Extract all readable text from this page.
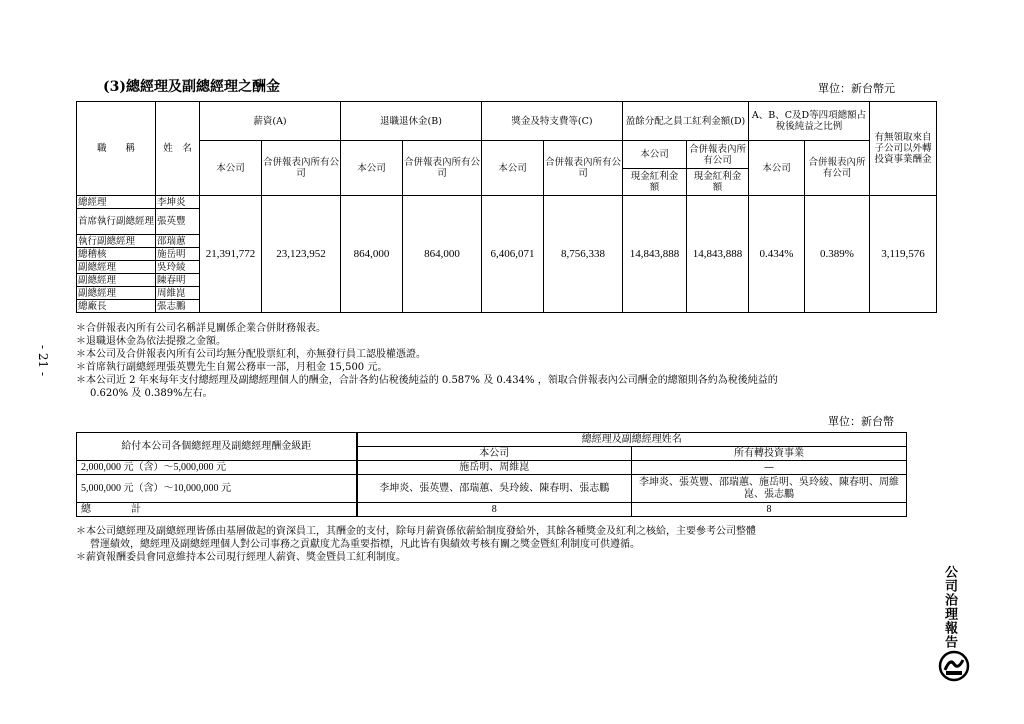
(3)總經理及副總經理之酬金	單位：新台幣元
職　　稱	姓　名	薪資(A)		退職退休金(B)		獎金及特支費等(C)		盈餘分配之員工紅利金額(D)		A、B、C及D等四項總額占稅後純益之比例		有無領取來自子公司以外轉投資事業酬金
		本公司	合併報表內所有公司	本公司	合併報表內所有公司	本公司	合併報表內所有公司	本公司	合併報表內所有公司	本公司	合併報表內所有公司	
								現金紅利金　　額	現金紅利金　　額			
總經理	李坤炎	21,391,772	23,123,952	864,000	864,000	6,406,071	8,756,338	14,843,888	14,843,888	0.434%	0.389%	3,119,576
首席執行副總經理	張英豐											
執行副總經理	邵瑞蕙											
總稽核	施岳明											
副總經理	吳玲綾											
副總經理	陳春明											
副總經理	周維崑											
總廠長	張志鵬											
＊合併報表內所有公司名稱詳見關係企業合併財務報表。
＊退職退休金為依法提撥之金額。
＊本公司及合併報表內所有公司均無分配股票紅利，亦無發行員工認股權憑證。
＊首席執行副總經理張英豐先生自駕公務車一部，月租金 15,500 元。
＊本公司近 2 年來每年支付總經理及副總經理個人的酬金，合計各約佔稅後純益的 0.587% 及 0.434% ，領取合併報表內公司酬金的總額則各約為稅後純益的
0.620% 及 0.389%左右。
單位：新台幣
給付本公司各個總經理及副總經理酬金級距	總經理及副總經理姓名	
	本公司	所有轉投資事業
2,000,000 元（含）～5,000,000 元	施岳明、周維崑	—
5,000,000 元（含）～10,000,000 元	李坤炎、張英豐、邵瑞蕙、吳玲綾、陳春明、張志鵬	李坤炎、張英豐、邵瑞蕙、施岳明、吳玲綾、陳春明、周維崑、張志鵬
總　　　　計	8	8
＊本公司總經理及副總經理皆係由基層做起的資深員工，其酬金的支付，除每月薪資係依薪給制度發給外，其餘各種獎金及紅利之核給，主要參考公司整體
營運績效，總經理及副總經理個人對公司事務之貢獻度尤為重要指標，凡此皆有與績效考核有關之獎金暨紅利制度可供遵循。
＊薪資報酬委員會同意維持本公司現行經理人薪資、獎金暨員工紅利制度。
- 21 -
公司治理報告
